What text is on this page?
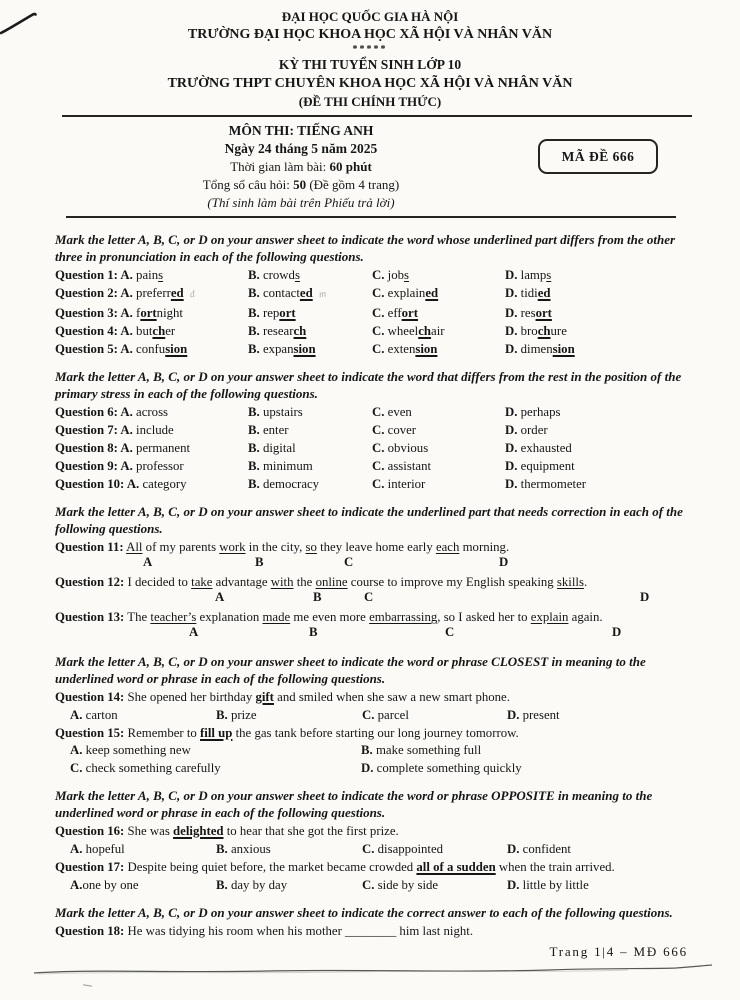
ĐẠI HỌC QUỐC GIA HÀ NỘI
TRƯỜNG ĐẠI HỌC KHOA HỌC XÃ HỘI VÀ NHÂN VĂN
*****
KỲ THI TUYỂN SINH LỚP 10
TRƯỜNG THPT CHUYÊN KHOA HỌC XÃ HỘI VÀ NHÂN VĂN
(ĐỀ THI CHÍNH THỨC)
MÔN THI: TIẾNG ANH
Ngày 24 tháng 5 năm 2025
Thời gian làm bài: 60 phút
Tổng số câu hỏi: 50 (Đề gồm 4 trang)
(Thí sinh làm bài trên Phiếu trả lời)
MÃ ĐỀ 666

Mark the letter A, B, C, or D on your answer sheet to indicate the word whose underlined part differs from the other three in pronunciation in each of the following questions.

Question 1: A. pains	B. crowds	C. jobs	D. lamps
Question 2: A. preferred d	B. contacted m	C. explained	D. tidied
Question 3: A. fortnight	B. report	C. effort	D. resort
Question 4: A. butcher	B. research	C. wheelchair	D. brochure
Question 5: A. confusion	B. expansion	C. extension	D. dimension

Mark the letter A, B, C, or D on your answer sheet to indicate the word that differs from the rest in the position of the primary stress in each of the following questions.

Question 6: A. across	B. upstairs	C. even	D. perhaps
Question 7: A. include	B. enter	C. cover	D. order
Question 8: A. permanent	B. digital	C. obvious	D. exhausted
Question 9: A. professor	B. minimum	C. assistant	D. equipment
Question 10: A. category	B. democracy	C. interior	D. thermometer

Mark the letter A, B, C, or D on your answer sheet to indicate the underlined part that needs correction in each of the following questions.

Question 11: All of my parents work in the city, so they leave home early each morning.
A	B	C	D
Question 12: I decided to take advantage with the online course to improve my English speaking skills.
A	B	C	D
Question 13: The teacher’s explanation made me even more embarrassing, so I asked her to explain again.
A	B	C	D

Mark the letter A, B, C, or D on your answer sheet to indicate the word or phrase CLOSEST in meaning to the underlined word or phrase in each of the following questions.

Question 14: She opened her birthday gift and smiled when she saw a new smart phone.
A. carton	B. prize	C. parcel	D. present
Question 15: Remember to fill up the gas tank before starting our long journey tomorrow.
A. keep something new	B. make something full
C. check something carefully	D. complete something quickly

Mark the letter A, B, C, or D on your answer sheet to indicate the word or phrase OPPOSITE in meaning to the underlined word or phrase in each of the following questions.

Question 16: She was delighted to hear that she got the first prize.
A. hopeful	B. anxious	C. disappointed	D. confident
Question 17: Despite being quiet before, the market became crowded all of a sudden when the train arrived.
A.one by one	B. day by day	C. side by side	D. little by little

Mark the letter A, B, C, or D on your answer sheet to indicate the correct answer to each of the following questions.

Question 18: He was tidying his room when his mother ________ him last night.
Trang 1|4 – MĐ 666
